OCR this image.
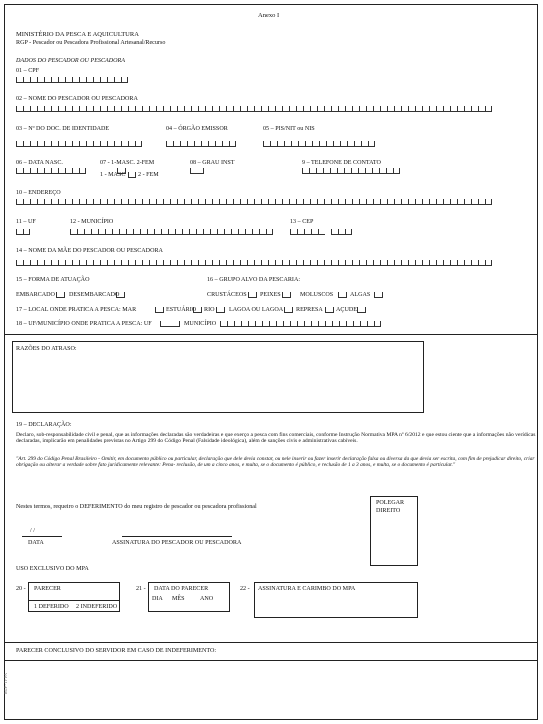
Anexo I
MINISTÉRIO DA PESCA E AQUICULTURA
RGP - Pescador ou Pescadora Profissional Artesanal/Recurso
DADOS DO PESCADOR OU PESCADORA
01 – CPF
02 – NOME DO PESCADOR OU PESCADORA
03 – Nº DO DOC. DE IDENTIDADE	04 – ÓRGÃO EMISSOR	05 – PIS/NIT ou NIS
06 – DATA NASC.	07 - 1-MASC. 2-FEM	08 – GRAU INST	9 – TELEFONE DE CONTATO
1 - MASC 2 - FEM
10 – ENDEREÇO
11 – UF	12 - MUNICÍPIO	13 – CEP
14 – NOME DA MÃE DO PESCADOR OU PESCADORA
15 – FORMA DE ATUAÇÃO	16 – GRUPO ALVO DA PESCARIA:
EMBARCADO DESEMBARCADO	CRUSTÁCEOS PEIXES	MOLUSCOS	ALGAS
17 – LOCAL ONDE PRATICA A PESCA: MAR	ESTUÁRIO RIO LAGOA OU LAGOA REPRESA AÇUDE
18 – UF/MUNICÍPIO ONDE PRATICA A PESCA: UF	MUNICÍPIO
RAZÕES DO ATRASO:
19 – DECLARAÇÃO:
Declaro, sob-responsabilidade civil e penal, que as informações declaradas são verdadeiras e que exerço a pesca com fins comerciais, conforme Instrução Normativa MPA nº 6/2012 e que estou ciente que a informações não verídicas declaradas, implicarão em penalidades previstas no Artigo 299 do Código Penal (Falsidade ideológica), além de sanções civis e administrativas cabíveis.
"Art. 299 do Código Penal Brasileiro - Omitir, em documento público ou particular, declaração que dele devia constar, ou nele inserir ou fazer inserir declaração falsa ou diversa da que devia ser escrita, com fim de prejudicar direito, criar obrigação ou alterar a verdade sobre fato juridicamente relevante: Pena- reclusão, de um a cinco anos, e multa, se o documento é público, e reclusão de 1 a 3 anos, e multa, se o documento é particular."
Nestes termos, requeiro o DEFERIMENTO do meu registro de pescador ou pescadora profissional
POLEGAR
DIREITO
/ /
DATA	ASSINATURA DO PESCADOR OU PESCADORA
USO EXCLUSIVO DO MPA
20 - PARECER
1 DEFERIDO 2 INDEFERIDO
21 - DATA DO PARECER
DIA MÊS	ANO
22 - ASSINATURA E CARIMBO DO MPA
PARECER CONCLUSIVO DO SERVIDOR EM CASO DE INDEFERIMENTO:
RGP - IV PA
